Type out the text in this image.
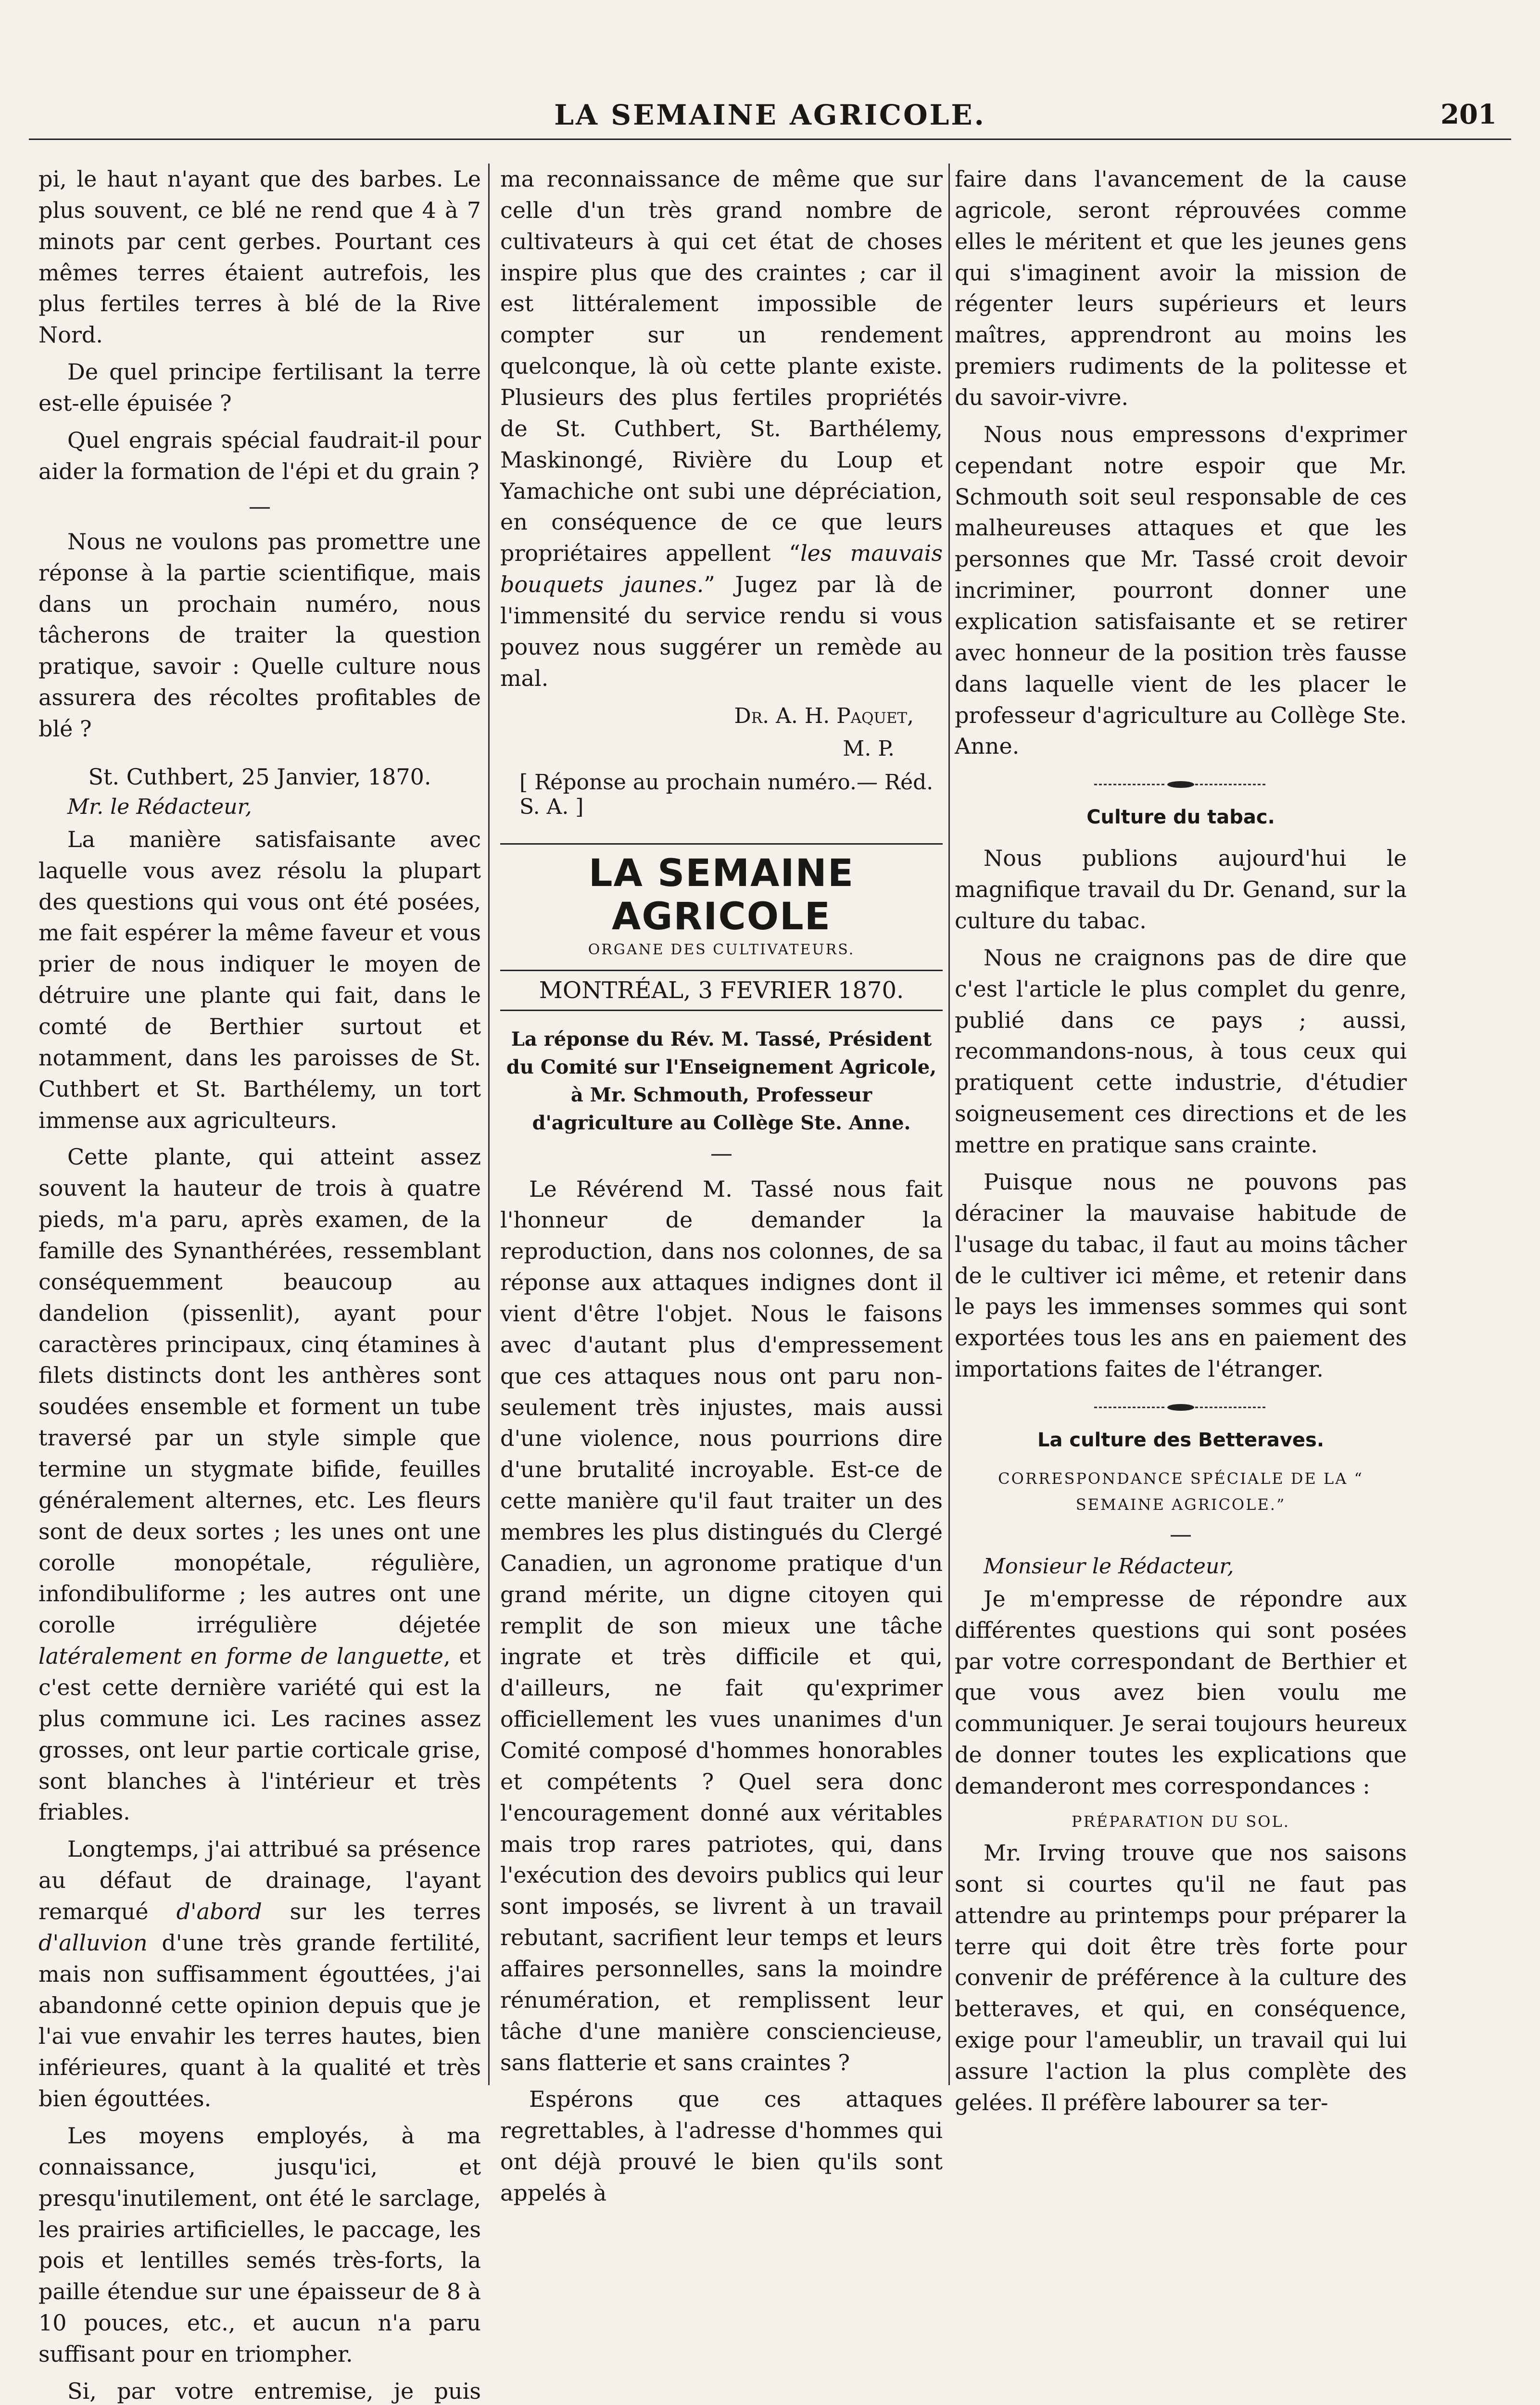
LA SEMAINE AGRICOLE.	201

pi, le haut n'ayant que des barbes. Le plus souvent, ce blé ne rend que 4 à 7 minots par cent gerbes. Pourtant ces mêmes terres étaient autrefois, les plus fertiles terres à blé de la Rive Nord.

De quel principe fertilisant la terre est-elle épuisée ?

Quel engrais spécial faudrait-il pour aider la formation de l'épi et du grain ?

—

Nous ne voulons pas promettre une réponse à la partie scientifique, mais dans un prochain numéro, nous tâcherons de traiter la question pratique, savoir : Quelle culture nous assurera des récoltes profitables de blé ?

St. Cuthbert, 25 Janvier, 1870.
Mr. le Rédacteur,

La manière satisfaisante avec laquelle vous avez résolu la plupart des questions qui vous ont été posées, me fait espérer la même faveur et vous prier de nous indiquer le moyen de détruire une plante qui fait, dans le comté de Berthier surtout et notamment, dans les paroisses de St. Cuthbert et St. Barthélemy, un tort immense aux agriculteurs.

Cette plante, qui atteint assez souvent la hauteur de trois à quatre pieds, m'a paru, après examen, de la famille des Synanthérées, ressemblant conséquemment beaucoup au dandelion (pissenlit), ayant pour caractères principaux, cinq étamines à filets distincts dont les anthères sont soudées ensemble et forment un tube traversé par un style simple que termine un stygmate bifide, feuilles généralement alternes, etc. Les fleurs sont de deux sortes ; les unes ont une corolle monopétale, régulière, infondibuliforme ; les autres ont une corolle irrégulière déjetée latéralement en forme de languette, et c'est cette dernière variété qui est la plus commune ici. Les racines assez grosses, ont leur partie corticale grise, sont blanches à l'intérieur et très friables.

Longtemps, j'ai attribué sa présence au défaut de drainage, l'ayant remarqué d'abord sur les terres d'alluvion d'une très grande fertilité, mais non suffisamment égouttées, j'ai abandonné cette opinion depuis que je l'ai vue envahir les terres hautes, bien inférieures, quant à la qualité et très bien égouttées.

Les moyens employés, à ma connaissance, jusqu'ici, et presqu'inutilement, ont été le sarclage, les prairies artificielles, le paccage, les pois et lentilles semés très-forts, la paille étendue sur une épaisseur de 8 à 10 pouces, etc., et aucun n'a paru suffisant pour en triompher.

Si, par votre entremise, je puis

ma reconnaissance de même que sur celle d'un très grand nombre de cultivateurs à qui cet état de choses inspire plus que des craintes ; car il est littéralement impossible de compter sur un rendement quelconque, là où cette plante existe. Plusieurs des plus fertiles propriétés de St. Cuthbert, St. Barthélemy, Maskinongé, Rivière du Loup et Yamachiche ont subi une dépréciation, en conséquence de ce que leurs propriétaires appellent “les mauvais bouquets jaunes.” Jugez par là de l'immensité du service rendu si vous pouvez nous suggérer un remède au mal.

Dr. A. H. Paquet,
M. P.
[ Réponse au prochain numéro.— Réd. S. A. ]
LA SEMAINE AGRICOLE
ORGANE DES CULTIVATEURS.
MONTRÉAL, 3 FEVRIER 1870.
La réponse du Rév. M. Tassé, Président du Comité sur l'Enseignement Agricole, à Mr. Schmouth, Professeur d'agriculture au Collège Ste. Anne.
—

Le Révérend M. Tassé nous fait l'honneur de demander la reproduction, dans nos colonnes, de sa réponse aux attaques indignes dont il vient d'être l'objet. Nous le faisons avec d'autant plus d'empressement que ces attaques nous ont paru non-seulement très injustes, mais aussi d'une violence, nous pourrions dire d'une brutalité incroyable. Est-ce de cette manière qu'il faut traiter un des membres les plus distingués du Clergé Canadien, un agronome pratique d'un grand mérite, un digne citoyen qui remplit de son mieux une tâche ingrate et très difficile et qui, d'ailleurs, ne fait qu'exprimer officiellement les vues unanimes d'un Comité composé d'hommes honorables et compétents ? Quel sera donc l'encouragement donné aux véritables mais trop rares patriotes, qui, dans l'exécution des devoirs publics qui leur sont imposés, se livrent à un travail rebutant, sacrifient leur temps et leurs affaires personnelles, sans la moindre rénumération, et remplissent leur tâche d'une manière consciencieuse, sans flatterie et sans craintes ?

Espérons que ces attaques regrettables, à l'adresse d'hommes qui ont déjà prouvé le bien qu'ils sont appelés à

faire dans l'avancement de la cause agricole, seront réprouvées comme elles le méritent et que les jeunes gens qui s'imaginent avoir la mission de régenter leurs supérieurs et leurs maîtres, apprendront au moins les premiers rudiments de la politesse et du savoir-vivre.

Nous nous empressons d'exprimer cependant notre espoir que Mr. Schmouth soit seul responsable de ces malheureuses attaques et que les personnes que Mr. Tassé croit devoir incriminer, pourront donner une explication satisfaisante et se retirer avec honneur de la position très fausse dans laquelle vient de les placer le professeur d'agriculture au Collège Ste. Anne.

Culture du tabac.

Nous publions aujourd'hui le magnifique travail du Dr. Genand, sur la culture du tabac.

Nous ne craignons pas de dire que c'est l'article le plus complet du genre, publié dans ce pays ; aussi, recommandons-nous, à tous ceux qui pratiquent cette industrie, d'étudier soigneusement ces directions et de les mettre en pratique sans crainte.

Puisque nous ne pouvons pas déraciner la mauvaise habitude de l'usage du tabac, il faut au moins tâcher de le cultiver ici même, et retenir dans le pays les immenses sommes qui sont exportées tous les ans en paiement des importations faites de l'étranger.

La culture des Betteraves.
CORRESPONDANCE SPÉCIALE DE LA “ SEMAINE AGRICOLE.”
—
Monsieur le Rédacteur,

Je m'empresse de répondre aux différentes questions qui sont posées par votre correspondant de Berthier et que vous avez bien voulu me communiquer. Je serai toujours heureux de donner toutes les explications que demanderont mes correspondances :

PRÉPARATION DU SOL.

Mr. Irving trouve que nos saisons sont si courtes qu'il ne faut pas attendre au printemps pour préparer la terre qui doit être très forte pour convenir de préférence à la culture des betteraves, et qui, en conséquence, exige pour l'ameublir, un travail qui lui assure l'action la plus complète des gelées. Il préfère labourer sa ter-
